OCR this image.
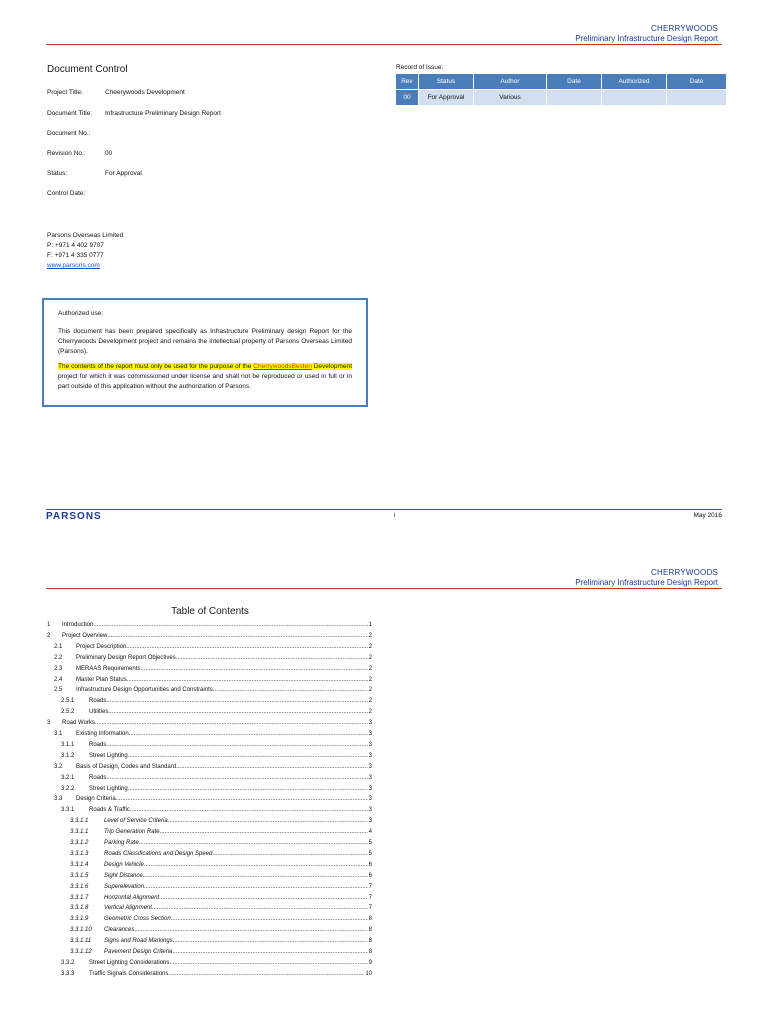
CHERRYWOODS
Preliminary Infrastructure Design Report
Document Control
Project Title:	Cheerywoods Development
Document Title: Infrastructure Preliminary Design Report
Document No.:
Revision No.:	00
Status:	For Approval
Control Date:
Parsons Overseas Limited
P: +971 4 402 9707
F: +971 4 335 0777
www.parsons.com
Record of Issue:
Rev	Status	Author	Date	Authorized	Date
00	For Approval	Various			
Authorized use:
This document has been prepared specifically as Infrastructure Preliminary design Report for the Cherrywoods Development project and remains the intellectual property of Parsons Overseas Limited (Parsons).
The contents of the report must only be used for the purpose of the CherrywoodsBesten Development project for which it was commissioned under license and shall not be reproduced or used in full or in part outside of this application without the authorization of Parsons.
PARSONS	i	May 2016
CHERRYWOODS
Preliminary Infrastructure Design Report
Table of Contents
1 Introduction .....	1
2 Project Overview .....	2
2.1 Project Description .....	2
2.2 Preliminary Design Report Objectives .....	2
2.3 MERAAS Requirements .....	2
2.4 Master Plan Status .....	2
2.5 Infrastructure Design Opportunities and Constraints .....	2
2.5.1 Roads .....	2
2.5.2 Utilities .....	2
3 Road Works .....	3
3.1 Existing Information .....	3
3.1.1 Roads .....	3
3.1.2 Street Lighting .....	3
3.2 Basis of Design, Codes and Standard .....	3
3.2.1 Roads .....	3
3.2.2 Street Lighting .....	3
3.3 Design Criteria .....	3
3.3.1 Roads & Traffic .....	3
3.3.1.1	Level of Service Criteria .....	3
3.3.1.1	Trip Generation Rate .....	4
3.3.1.2	Parking Rate .....	5
3.3.1.3	Roads Classifications and Design Speed .....	5
3.3.1.4	Design Vehicle .....	6
3.3.1.5	Sight Distance .....	6
3.3.1.6	Superelevation .....	7
3.3.1.7	Horizontal Alignment .....	7
3.3.1.8	Vertical Alignment .....	7
3.3.1.9	Geometric Cross Section .....	8
3.3.1.10 Clearances .....	8
3.3.1.11 Signs and Road Markings .....	8
3.3.1.12 Pavement Design Criteria .....	8
3.3.2 Street Lighting Considerations .....	9
3.3.3 Traffic Signals Considerations .....	10
